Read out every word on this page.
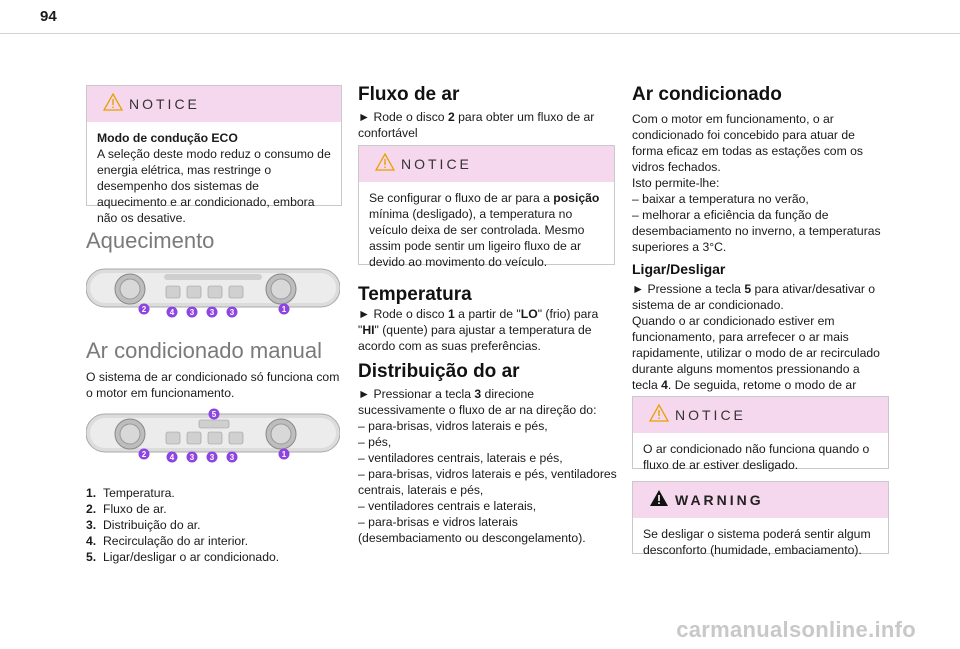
94
NOTICE
Modo de condução ECO
A seleção deste modo reduz o consumo de energia elétrica, mas restringe o desempenho dos sistemas de aquecimento e ar condicionado, embora não os desative.
Aquecimento
2	4 3 3 3	1
Ar condicionado manual
O sistema de ar condicionado só funciona com o motor em funcionamento.
5
2	4 3 3 3	1
1. Temperatura.
2. Fluxo de ar.
3. Distribuição do ar.
4. Recirculação do ar interior.
5. Ligar/desligar o ar condicionado.
Fluxo de ar
► Rode o disco 2 para obter um fluxo de ar
confortável
NOTICE
Se configurar o fluxo de ar para a posição mínima (desligado), a temperatura no veículo deixa de ser controlada. Mesmo assim pode sentir um ligeiro fluxo de ar devido ao movimento do veículo.
Temperatura
► Rode o disco 1 a partir de "LO" (frio) para
"HI" (quente) para ajustar a temperatura de acordo com as suas preferências.
Distribuição do ar
► Pressionar a tecla 3 direcione
sucessivamente o fluxo de ar na direção do:
– para-brisas, vidros laterais e pés,
– pés,
– ventiladores centrais, laterais e pés,
– para-brisas, vidros laterais e pés, ventiladores centrais, laterais e pés,
– ventiladores centrais e laterais,
– para-brisas e vidros laterais (desembaciamento ou descongelamento).
Ar condicionado
Com o motor em funcionamento, o ar condicionado foi concebido para atuar de forma eficaz em todas as estações com os vidros fechados.
Isto permite-lhe:
– baixar a temperatura no verão,
– melhorar a eficiência da função de desembaciamento no inverno, a temperaturas superiores a 3°C.
Ligar/Desligar
► Pressione a tecla 5 para ativar/desativar o sistema de ar condicionado.
Quando o ar condicionado estiver em funcionamento, para arrefecer o ar mais rapidamente, utilizar o modo de ar recirculado durante alguns momentos pressionando a tecla 4. De seguida, retome o modo de ar
NOTICE
O ar condicionado não funciona quando o fluxo de ar estiver desligado.
WARNING
Se desligar o sistema poderá sentir algum desconforto (humidade, embaciamento).
carmanualsonline.info
